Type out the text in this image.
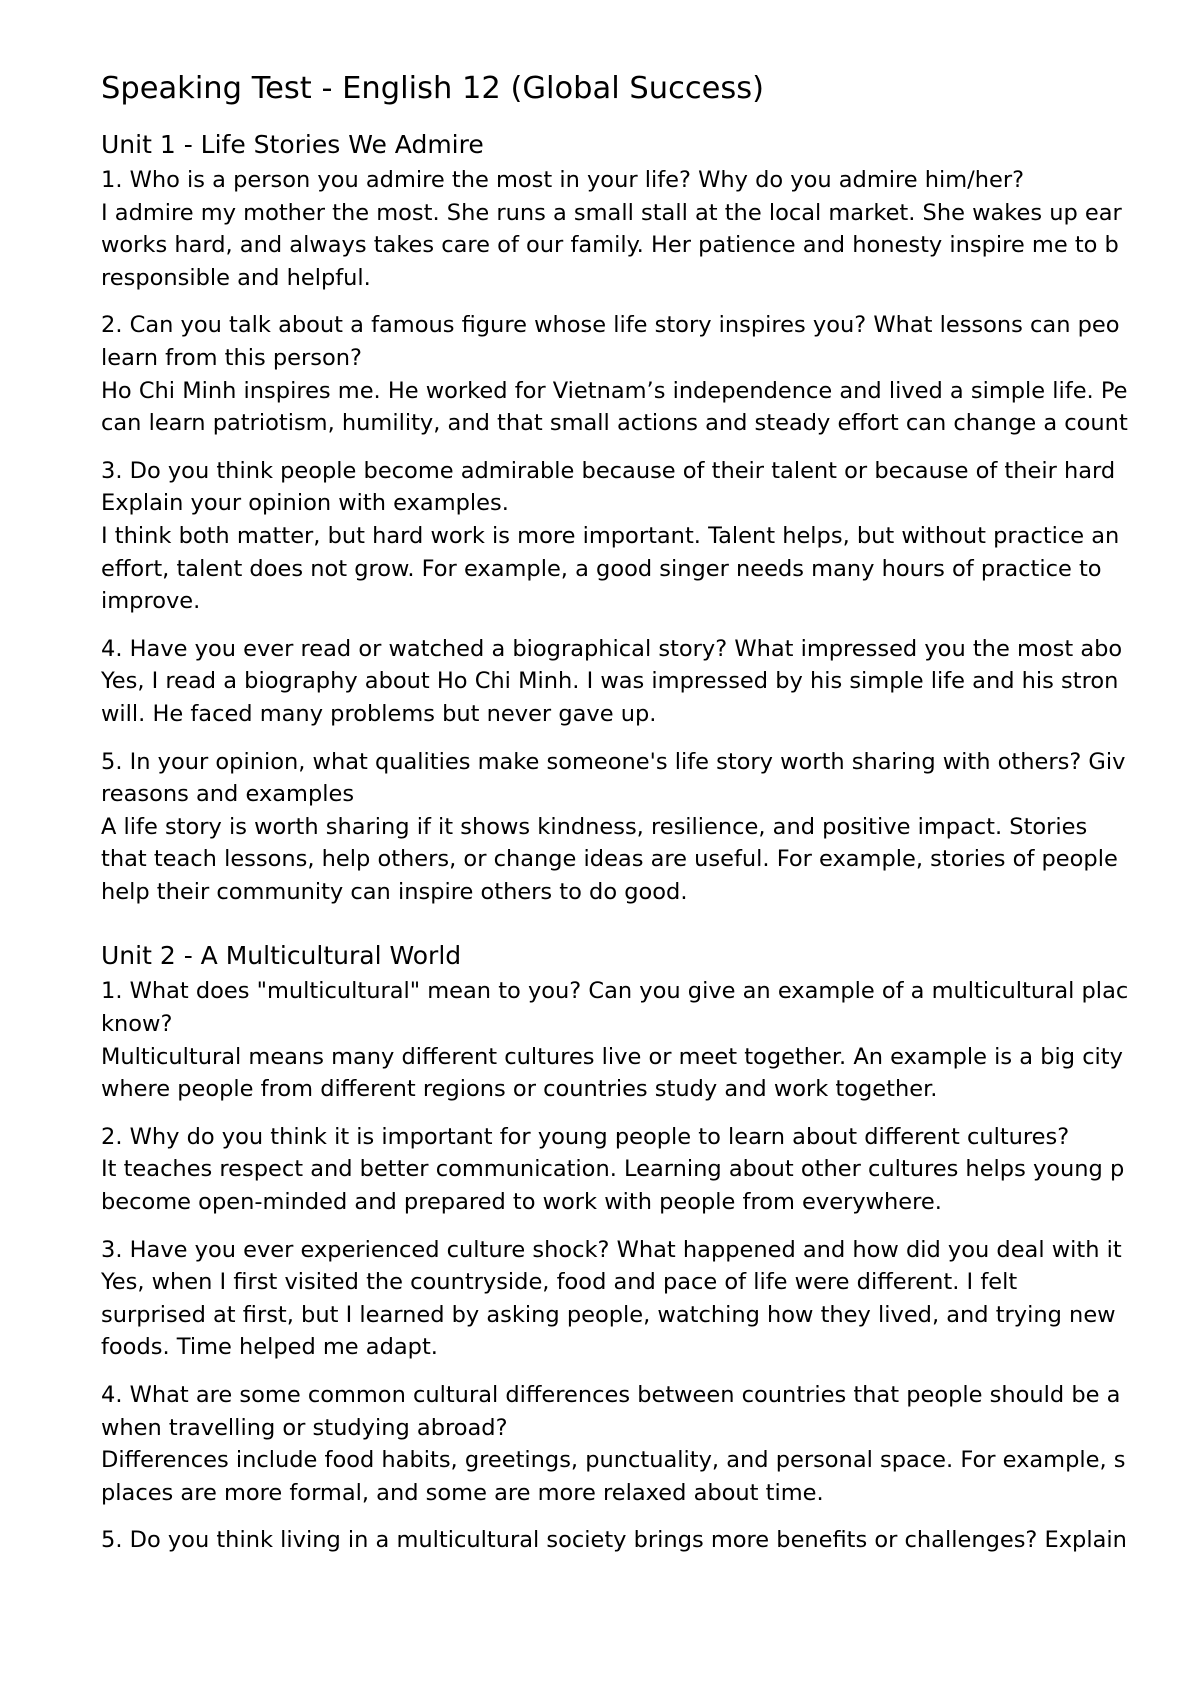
Speaking Test - English 12 (Global Success)
Unit 1 - Life Stories We Admire

1. Who is a person you admire the most in your life? Why do you admire him/her?

I admire my mother the most. She runs a small stall at the local market. She wakes up ear
works hard, and always takes care of our family. Her patience and honesty inspire me to b
responsible and helpful.

2. Can you talk about a famous figure whose life story inspires you? What lessons can peo
learn from this person?

Ho Chi Minh inspires me. He worked for Vietnam’s independence and lived a simple life. Pe
can learn patriotism, humility, and that small actions and steady effort can change a count

3. Do you think people become admirable because of their talent or because of their hard
Explain your opinion with examples.

I think both matter, but hard work is more important. Talent helps, but without practice an
effort, talent does not grow. For example, a good singer needs many hours of practice to
improve.

4. Have you ever read or watched a biographical story? What impressed you the most abo

Yes, I read a biography about Ho Chi Minh. I was impressed by his simple life and his stron
will. He faced many problems but never gave up.

5. In your opinion, what qualities make someone's life story worth sharing with others? Giv
reasons and examples

A life story is worth sharing if it shows kindness, resilience, and positive impact. Stories
that teach lessons, help others, or change ideas are useful. For example, stories of people
help their community can inspire others to do good.

Unit 2 - A Multicultural World

1. What does "multicultural" mean to you? Can you give an example of a multicultural plac
know?

Multicultural means many different cultures live or meet together. An example is a big city
where people from different regions or countries study and work together.

2. Why do you think it is important for young people to learn about different cultures?

It teaches respect and better communication. Learning about other cultures helps young p
become open-minded and prepared to work with people from everywhere.

3. Have you ever experienced culture shock? What happened and how did you deal with it

Yes, when I first visited the countryside, food and pace of life were different. I felt
surprised at first, but I learned by asking people, watching how they lived, and trying new
foods. Time helped me adapt.

4. What are some common cultural differences between countries that people should be a
when travelling or studying abroad?

Differences include food habits, greetings, punctuality, and personal space. For example, s
places are more formal, and some are more relaxed about time.

5. Do you think living in a multicultural society brings more benefits or challenges? Explain
